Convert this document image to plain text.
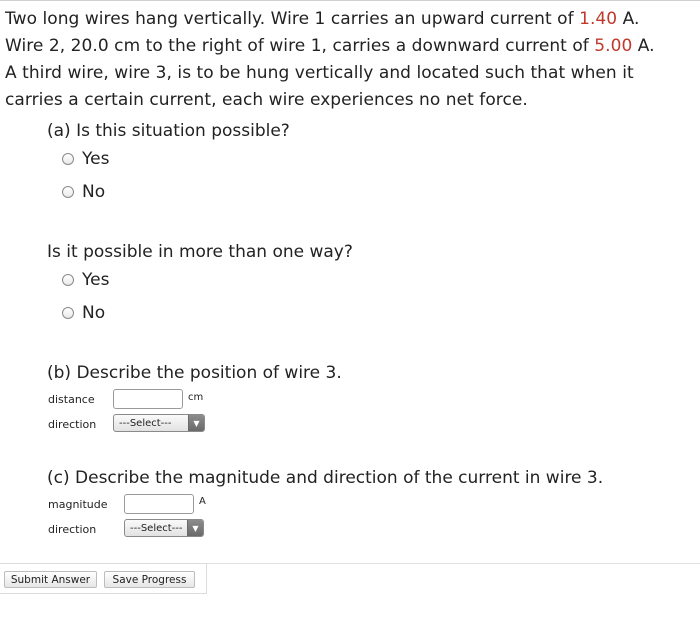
Two long wires hang vertically. Wire 1 carries an upward current of 1.40 A.
Wire 2, 20.0 cm to the right of wire 1, carries a downward current of 5.00 A.
A third wire, wire 3, is to be hung vertically and located such that when it
carries a certain current, each wire experiences no net force.
(a) Is this situation possible?
Yes
No
Is it possible in more than one way?
Yes
No
(b) Describe the position of wire 3.
distance	cm
direction	---Select---	▼
(c) Describe the magnitude and direction of the current in wire 3.
magnitude	A
direction	---Select---	▼
Submit Answer	Save Progress
